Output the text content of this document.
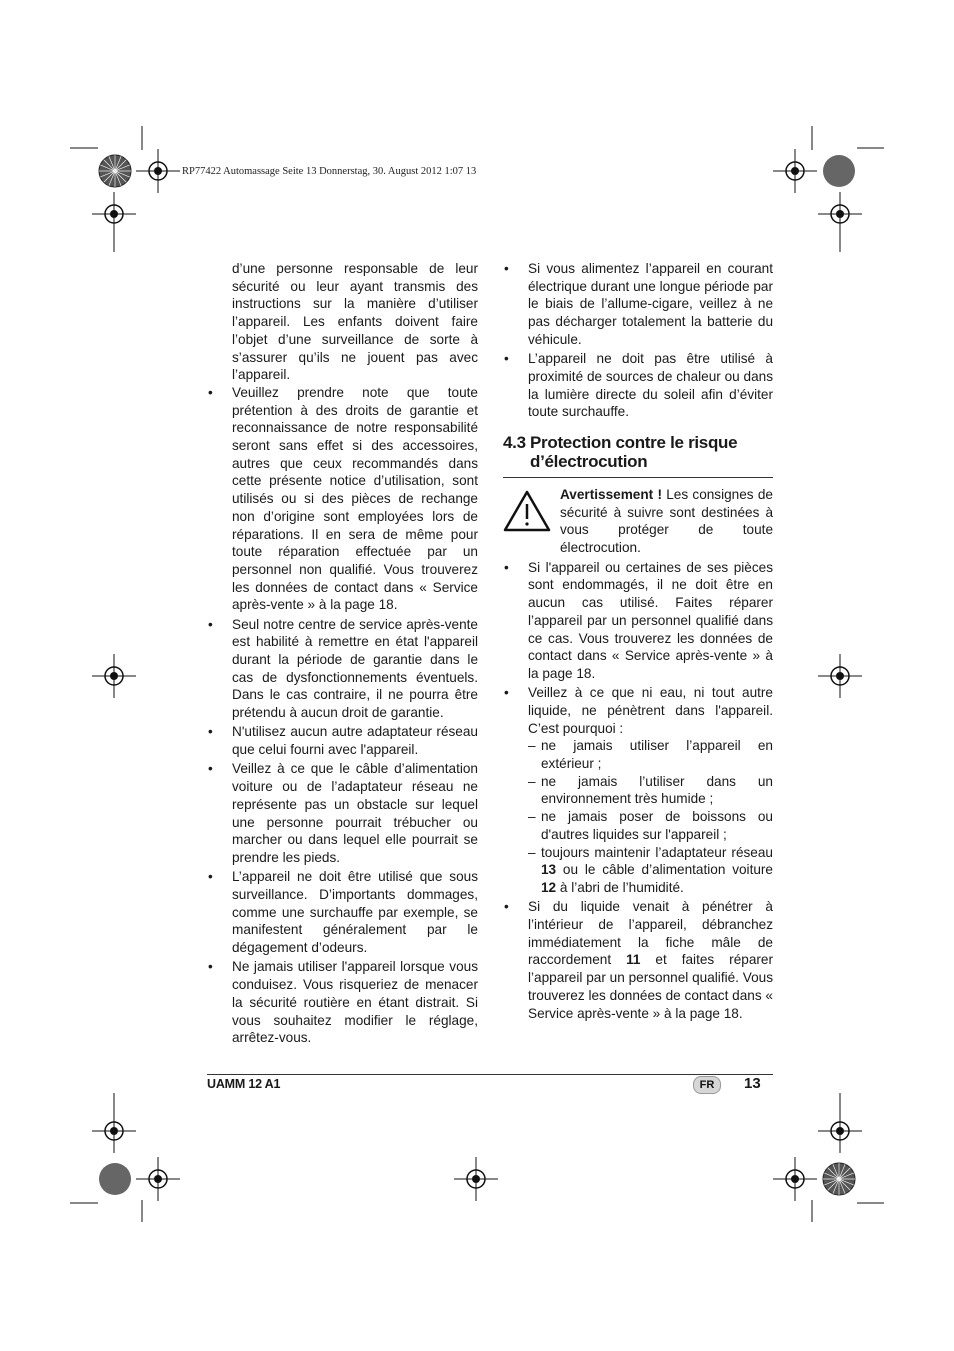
RP77422 Automassage Seite 13 Donnerstag, 30. August 2012 1:07 13

d’une personne responsable de leur sécurité ou leur ayant transmis des instructions sur la manière d’utiliser l’appareil. Les enfants doivent faire l’objet d’une surveillance de sorte à s’assurer qu’ils ne jouent pas avec l’appareil.

• Veuillez prendre note que toute prétention à des droits de garantie et reconnaissance de notre responsabilité seront sans effet si des accessoires, autres que ceux recommandés dans cette présente notice d’utilisation, sont utilisés ou si des pièces de rechange non d’origine sont employées lors de réparations. Il en sera de même pour toute réparation effectuée par un personnel non qualifié. Vous trouverez les données de contact dans « Service après-vente » à la page 18.
• Seul notre centre de service après-vente est habilité à remettre en état l'appareil durant la période de garantie dans le cas de dysfonctionnements éventuels. Dans le cas contraire, il ne pourra être prétendu à aucun droit de garantie.
• N'utilisez aucun autre adaptateur réseau que celui fourni avec l'appareil.
• Veillez à ce que le câble d’alimentation voiture ou de l’adaptateur réseau ne représente pas un obstacle sur lequel une personne pourrait trébucher ou marcher ou dans lequel elle pourrait se prendre les pieds.
• L’appareil ne doit être utilisé que sous surveillance. D’importants dommages, comme une surchauffe par exemple, se manifestent généralement par le dégagement d’odeurs.
• Ne jamais utiliser l'appareil lorsque vous conduisez. Vous risqueriez de menacer la sécurité routière en étant distrait. Si vous souhaitez modifier le réglage, arrêtez-vous.
• Si vous alimentez l’appareil en courant électrique durant une longue période par le biais de l’allume-cigare, veillez à ne pas décharger totalement la batterie du véhicule.
• L’appareil ne doit pas être utilisé à proximité de sources de chaleur ou dans la lumière directe du soleil afin d’éviter toute surchauffe.
4.3 Protection contre le risque
d’électrocution
Avertissement ! Les consignes de sécurité à suivre sont destinées à vous protéger de toute électrocution.
• Si l'appareil ou certaines de ses pièces sont endommagés, il ne doit être en aucun cas utilisé. Faites réparer l’appareil par un personnel qualifié dans ce cas. Vous trouverez les données de contact dans « Service après-vente » à la page 18.
• Veillez à ce que ni eau, ni tout autre liquide, ne pénètrent dans l'appareil. C’est pourquoi :
– ne jamais utiliser l’appareil en extérieur ;
– ne jamais l’utiliser dans un environnement très humide ;
– ne jamais poser de boissons ou d'autres liquides sur l'appareil ;
– toujours maintenir l’adaptateur réseau 13 ou le câble d’alimentation voiture 12 à l’abri de l’humidité.
• Si du liquide venait à pénétrer à l’intérieur de l’appareil, débranchez immédiatement la fiche mâle de raccordement 11 et faites réparer l’appareil par un personnel qualifié. Vous trouverez les données de contact dans « Service après-vente » à la page 18.
UAMM 12 A1	FR	13
